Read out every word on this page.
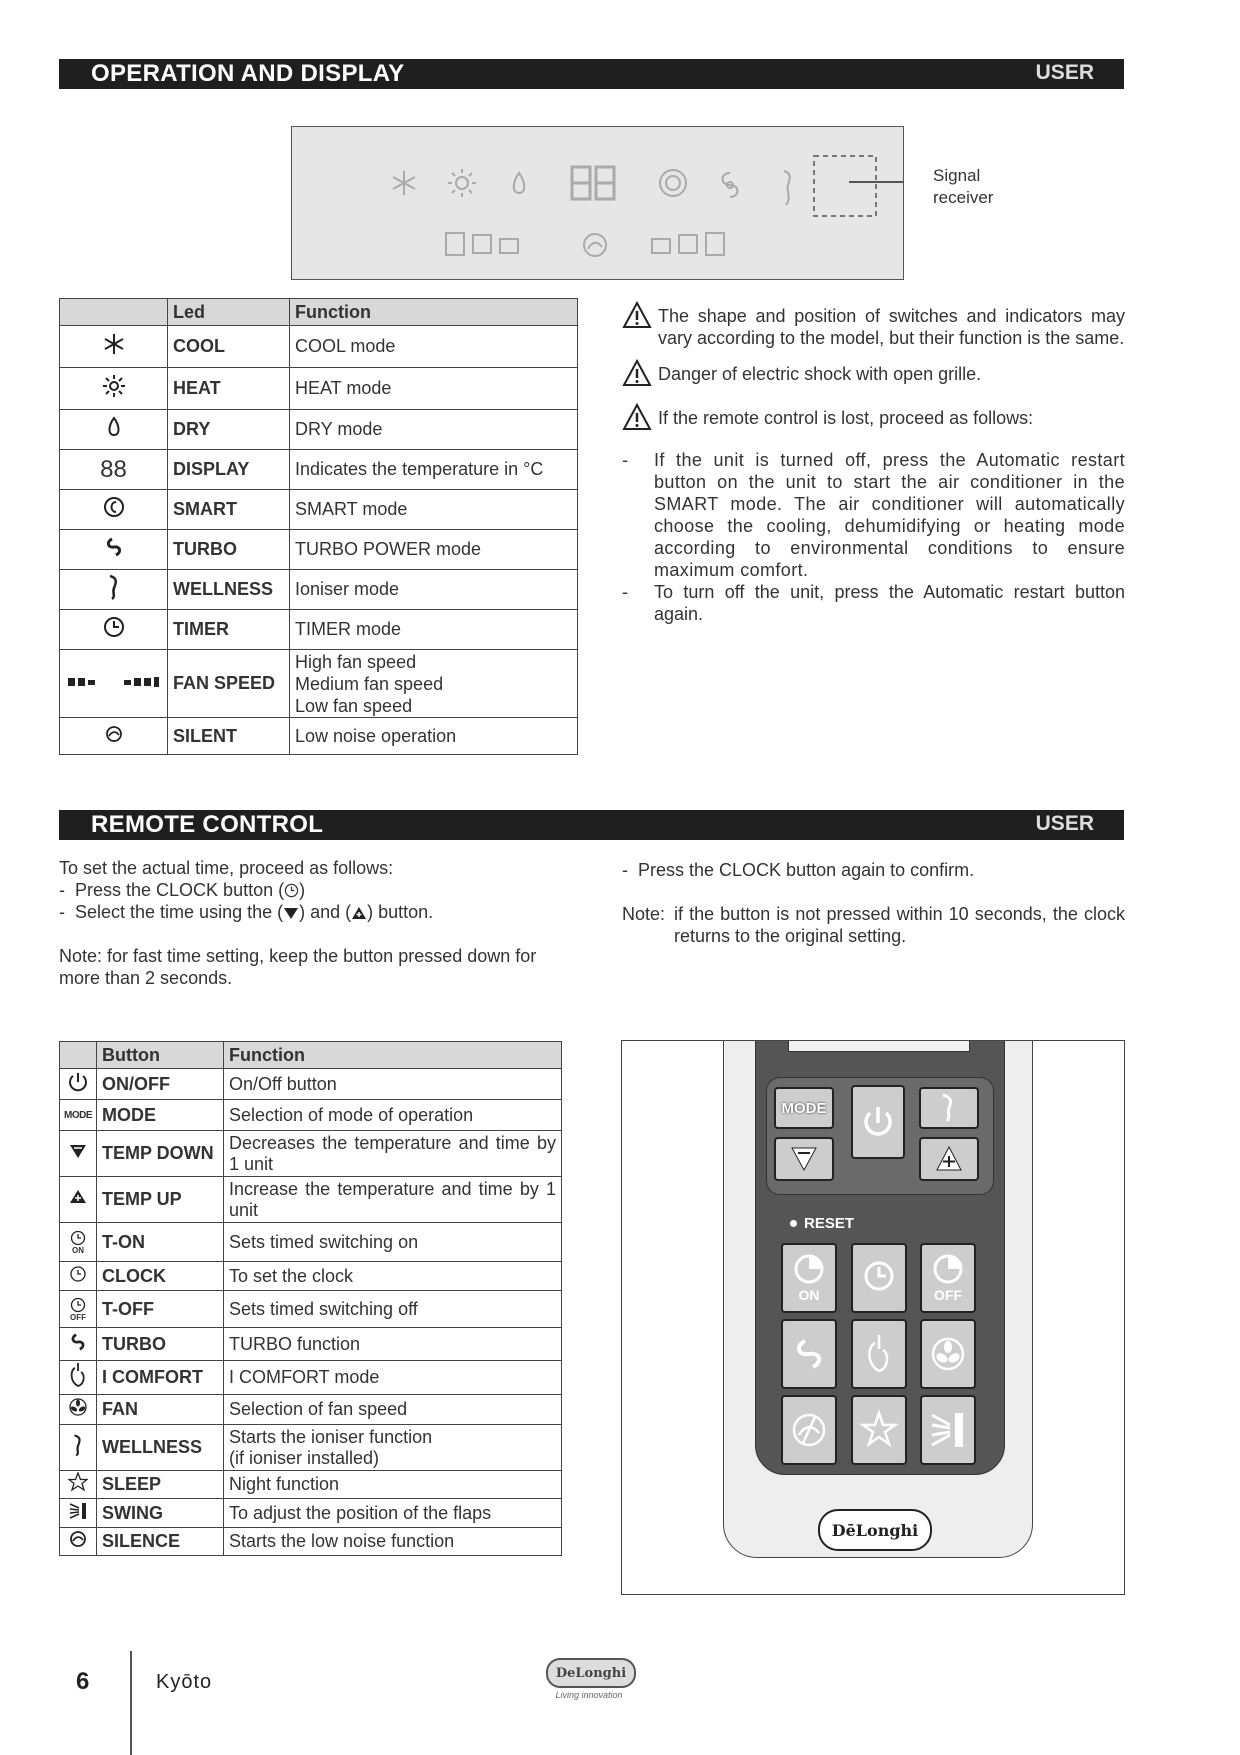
OPERATION AND DISPLAY	USER
Signal receiver
	Led	Function
	COOL	COOL mode
	HEAT	HEAT mode
	DRY	DRY mode
88	DISPLAY	Indicates the temperature in °C
	SMART	SMART mode
	TURBO	TURBO POWER mode
	WELLNESS	Ioniser mode
	TIMER	TIMER mode
	FAN SPEED	High fan speed
Medium fan speed
Low fan speed

	SILENT	Low noise operation
The shape and position of switches and indicators may vary according to the model, but their function is the same.
Danger of electric shock with open grille.
If the remote control is lost, proceed as follows:
- If the unit is turned off, press the Automatic restart button on the unit to start the air conditioner in the SMART mode. The air conditioner will automatically choose the cooling, dehumidifying or heating mode according to environmental conditions to ensure maximum comfort.
- To turn off the unit, press the Automatic restart button again.
REMOTE CONTROL	USER
To set the actual time, proceed as follows:
-  Press the CLOCK button ( )
-  Select the time using the ( ) and ( ) button.
Note: for fast time setting, keep the button pressed down for more than 2 seconds.
-  Press the CLOCK button again to confirm.
Note: if the button is not pressed within 10 seconds, the clock returns to the original setting.
	Button	Function
	ON/OFF	On/Off button
MODE	MODE	Selection of mode of operation
	TEMP DOWN	Decreases the temperature and time by 1 unit
	TEMP UP	Increase the temperature and time by 1 unit

ON	T-ON	Sets timed switching on
	CLOCK	To set the clock

OFF	T-OFF	Sets timed switching off
	TURBO	TURBO function
	I COMFORT	I COMFORT mode
	FAN	Selection of fan speed
	WELLNESS	Starts the ioniser function
(if ioniser installed)

	SLEEP	Night function
	SWING	To adjust the position of the flaps
	SILENCE	Starts the low noise function
MODE
RESET
ON	OFF
DēLonghi
6	Kyōto	DeLonghi
Living innovation
